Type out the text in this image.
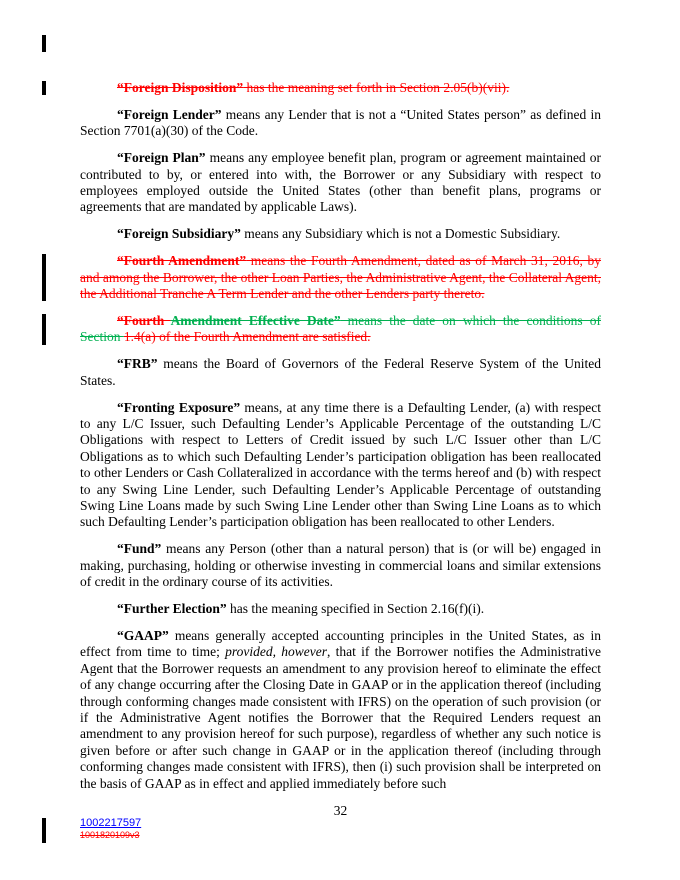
“Foreign Disposition” has the meaning set forth in Section 2.05(b)(vii).

“Foreign Lender” means any Lender that is not a “United States person” as defined in Section 7701(a)(30) of the Code.

“Foreign Plan” means any employee benefit plan, program or agreement maintained or contributed to by, or entered into with, the Borrower or any Subsidiary with respect to employees employed outside the United States (other than benefit plans, programs or agreements that are mandated by applicable Laws).

“Foreign Subsidiary” means any Subsidiary which is not a Domestic Subsidiary.

“Fourth Amendment” means the Fourth Amendment, dated as of March 31, 2016, by and among the Borrower, the other Loan Parties, the Administrative Agent, the Collateral Agent, the Additional Tranche A Term Lender and the other Lenders party thereto.

“Fourth Amendment Effective Date” means the date on which the conditions of Section 1.4(a) of the Fourth Amendment are satisfied.

“FRB” means the Board of Governors of the Federal Reserve System of the United States.

“Fronting Exposure” means, at any time there is a Defaulting Lender, (a) with respect to any L/C Issuer, such Defaulting Lender’s Applicable Percentage of the outstanding L/C Obligations with respect to Letters of Credit issued by such L/C Issuer other than L/C Obligations as to which such Defaulting Lender’s participation obligation has been reallocated to other Lenders or Cash Collateralized in accordance with the terms hereof and (b) with respect to any Swing Line Lender, such Defaulting Lender’s Applicable Percentage of outstanding Swing Line Loans made by such Swing Line Lender other than Swing Line Loans as to which such Defaulting Lender’s participation obligation has been reallocated to other Lenders.

“Fund” means any Person (other than a natural person) that is (or will be) engaged in making, purchasing, holding or otherwise investing in commercial loans and similar extensions of credit in the ordinary course of its activities.

“Further Election” has the meaning specified in Section 2.16(f)(i).

“GAAP” means generally accepted accounting principles in the United States, as in effect from time to time; provided, however, that if the Borrower notifies the Administrative Agent that the Borrower requests an amendment to any provision hereof to eliminate the effect of any change occurring after the Closing Date in GAAP or in the application thereof (including through conforming changes made consistent with IFRS) on the operation of such provision (or if the Administrative Agent notifies the Borrower that the Required Lenders request an amendment to any provision hereof for such purpose), regardless of whether any such notice is given before or after such change in GAAP or in the application thereof (including through conforming changes made consistent with IFRS), then (i) such provision shall be interpreted on the basis of GAAP as in effect and applied immediately before such

32
1002217597
1001820109v3
